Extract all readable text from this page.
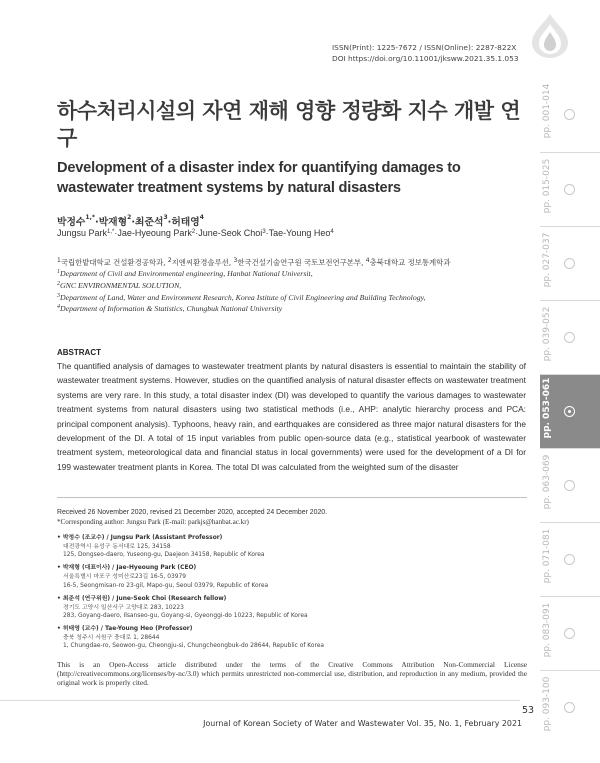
ISSN(Print): 1225-7672 / ISSN(Online): 2287-822X
DOI https://doi.org/10.11001/jksww.2021.35.1.053
pp. 001-014
pp. 015-025
pp. 027-037
pp. 039-052
pp. 053-061
pp. 063-069
pp. 071-081
pp. 083-091
pp. 093-100
하수처리시설의 자연 재해 영향 정량화 지수 개발 연구
Development of a disaster index for quantifying damages to wastewater treatment systems by natural disasters
박정수$^{1,*}$·박재형$^2$·최준석$^3$·허태영$^4$
Jungsu Park$^{1,*}$·Jae-Hyeoung Park$^2$·June-Seok Choi$^3$·Tae-Young Heo$^4$
$^1$국립한밭대학교 건설환경공학과, $^2$지엔씨환경솔루션, $^3$한국건설기술연구원 국토보전연구본부, $^4$충북대학교 정보통계학과
$^1$Department of Civil and Environmental engineering, Hanbat National Universit,
$^2$GNC ENVIRONMENTAL SOLUTION,
$^3$Department of Land, Water and Environment Research, Korea Istitute of Civil Engineering and Building Technology,
$^4$Department of Information & Statistics, Chungbuk National University
ABSTRACT

The quantified analysis of damages to wastewater treatment plants by natural disasters is essential to maintain the stability of wastewater treatment systems. However, studies on the quantified analysis of natural disaster effects on wastewater treatment systems are very rare. In this study, a total disaster index (DI) was developed to quantify the various damages to wastewater treatment systems from natural disasters using two statistical methods (i.e., AHP: analytic hierarchy process and PCA: principal component analysis). Typhoons, heavy rain, and earthquakes are considered as three major natural disasters for the development of the DI. A total of 15 input variables from public open-source data (e.g., statistical yearbook of wastewater treatment system, meteorological data and financial status in local governments) were used for the development of a DI for 199 wastewater treatment plants in Korea. The total DI was calculated from the weighted sum of the disaster

Received 26 November 2020, revised 21 December 2020, accepted 24 December 2020.
*Corresponding author: Jungsu Park (E-mail: parkjs@hanbat.ac.kr)
• 박정수 (조교수) / Jungsu Park (Assistant Professor)
대전광역시 유성구 동서대로 125, 34158
125, Dongseo-daero, Yuseong-gu, Daejeon 34158, Republic of Korea
• 박재형 (대표이사) / Jae-Hyeoung Park (CEO)
서울특별시 마포구 성미산로23길 16-5, 03979
16-5, Seongmisan-ro 23-gil, Mapo-gu, Seoul 03979, Republic of Korea
• 최준석 (연구위원) / June-Seok Choi (Research fellow)
경기도 고양시 일산서구 고양대로 283, 10223
283, Goyang-daero, Ilsanseo-gu, Goyang-si, Gyeonggi-do 10223, Republic of Korea
• 허태영 (교수) / Tae-Young Heo (Professor)
충북 청주시 서원구 충대로 1, 28644
1, Chungdae-ro, Seowon-gu, Cheongju-si, Chungcheongbuk-do 28644, Republic of Korea

This is an Open-Access article distributed under the terms of the Creative Commons Attribution Non-Commercial License (http://creativecommons.org/licenses/by-nc/3.0) which permits unrestricted non-commercial use, distribution, and reproduction in any medium, provided the original work is properly cited.

53
Journal of Korean Society of Water and Wastewater Vol. 35, No. 1, February 2021
